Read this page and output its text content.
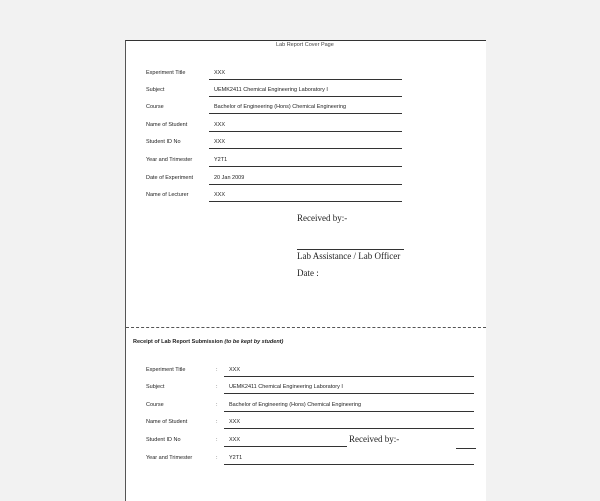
Lab Report Cover Page
Experiment Title	XXX
Subject	UEMK2411 Chemical Engineering Laboratory I
Course	Bachelor of Engineering (Hons) Chemical Engineering
Name of Student	XXX
Student ID No	XXX
Year and Trimester	Y2T1
Date of Experiment	20 Jan 2009
Name of Lecturer	XXX
Received by:-
Lab Assistance / Lab Officer
Date :
Receipt of Lab Report Submission (to be kept by student)
Experiment Title	: XXX
Subject	: UEMK2411 Chemical Engineering Laboratory I
Course	: Bachelor of Engineering (Hons) Chemical Engineering
Name of Student	: XXX
Student ID No	: XXX	Received by:-
Year and Trimester	: Y2T1
